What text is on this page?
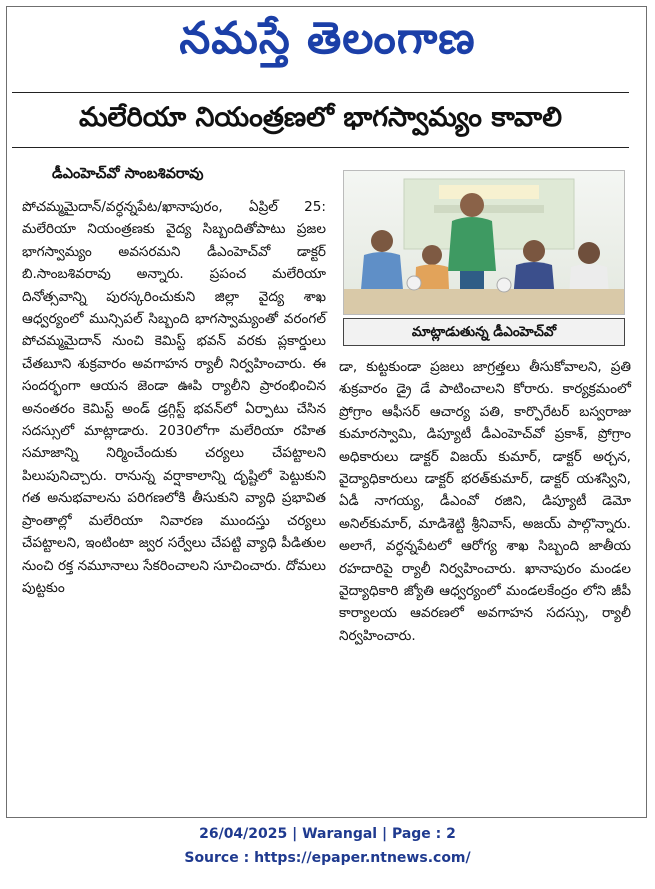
నమస్తే తెలంగాణ
మలేరియా నియంత్రణలో భాగస్వామ్యం కావాలి
డీఎంహెచ్‌వో సాంబశివరావు

పోచమ్మమైదాన్/వర్ధన్నపేట/ఖానాపురం, ఏప్రిల్ 25: మలేరియా నియంత్రణకు వైద్య సిబ్బందితోపాటు ప్రజల భాగస్వామ్యం అవసరమని డీఎంహెచ్‌వో డాక్టర్ బి.సాంబశివరావు అన్నారు. ప్రపంచ మలేరియా దినోత్సవాన్ని పురస్కరించుకుని జిల్లా వైద్య శాఖ ఆధ్వర్యంలో మున్సిపల్ సిబ్బంది భాగస్వామ్యంతో వరంగల్ పోచమ్మమైదాన్ నుంచి కెమిస్ట్ భవన్ వరకు ప్లకార్డులు చేతబూని శుక్రవారం అవగాహన ర్యాలీ నిర్వహించారు. ఈ సందర్భంగా ఆయన జెండా ఊపి ర్యాలీని ప్రారంభించిన అనంతరం కెమిస్ట్ అండ్ డ్రగ్గిస్ట్ భవన్‌లో ఏర్పాటు చేసిన సదస్సులో మాట్లాడారు. 2030లోగా మలేరియా రహిత సమాజాన్ని నిర్మించేందుకు చర్యలు చేపట్టాలని పిలుపునిచ్చారు. రానున్న వర్షాకాలాన్ని దృష్టిలో పెట్టుకుని గత అనుభవాలను పరిగణలోకి తీసుకుని వ్యాధి ప్రభావిత ప్రాంతాల్లో మలేరియా నివారణ ముందస్తు చర్యలు చేపట్టాలని, ఇంటింటా జ్వర సర్వేలు చేపట్టి వ్యాధి పీడితుల నుంచి రక్త నమూనాలు సేకరించాలని సూచించారు. దోమలు పుట్టకుం

మాట్లాడుతున్న డీఎంహెచ్‌వో

డా, కుట్టకుండా ప్రజలు జాగ్రత్తలు తీసుకోవాలని, ప్రతి శుక్రవారం డ్రై డే పాటించాలని కోరారు. కార్యక్రమంలో ప్రోగ్రాం ఆఫీసర్ ఆచార్య పతి, కార్పొరేటర్ బస్వరాజు కుమారస్వామి, డిప్యూటీ డీఎంహెచ్‌వో ప్రకాశ్, ప్రోగ్రాం అధికారులు డాక్టర్ విజయ్ కుమార్, డాక్టర్ అర్చన, వైద్యాధికారులు డాక్టర్ భరత్‌కుమార్, డాక్టర్ యశస్విని, ఏడీ నాగయ్య, డీఎంవో రజిని, డిప్యూటీ డెమో అనిల్‌కుమార్, మాడిశెట్టి శ్రీనివాస్, అజయ్ పాల్గొన్నారు. అలాగే, వర్ధన్నపేటలో ఆరోగ్య శాఖ సిబ్బంది జాతీయ రహదారిపై ర్యాలీ నిర్వహించారు. ఖానాపురం మండల వైద్యాధికారి జ్యోతి ఆధ్వర్యంలో మండలకేంద్రం లోని జీపీ కార్యాలయ ఆవరణలో అవగాహన సదస్సు, ర్యాలీ నిర్వహించారు.

26/04/2025 | Warangal | Page : 2
Source : https://epaper.ntnews.com/
